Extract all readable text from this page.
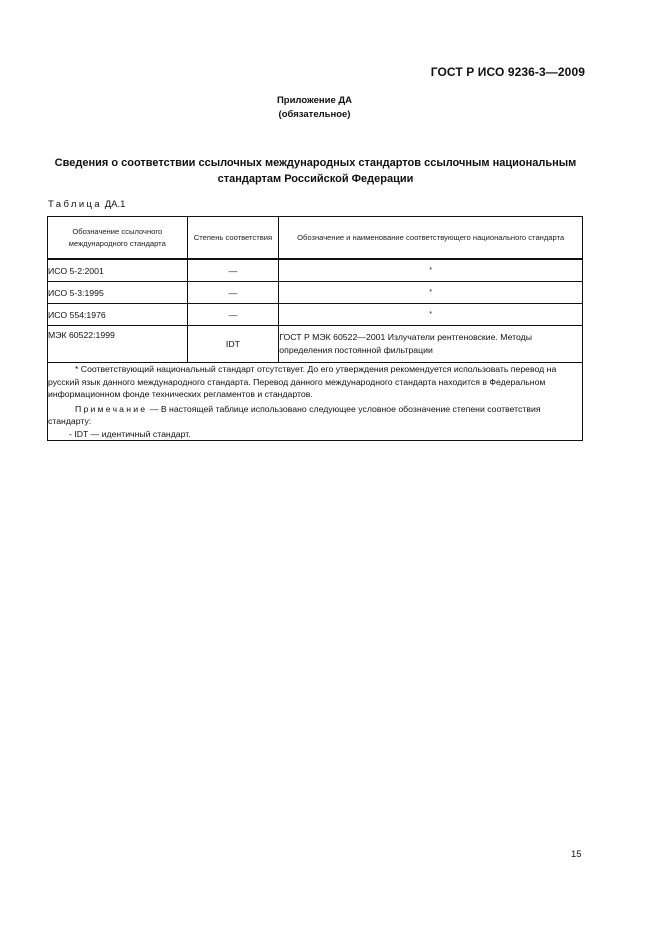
ГОСТ Р ИСО 9236-3—2009
Приложение ДА
(обязательное)
Сведения о соответствии ссылочных международных стандартов ссылочным национальным стандартам Российской Федерации
Таблица ДА.1
Обозначение ссылочного международного стандарта	Степень соответствия	Обозначение и наименование соответствующего национального стандарта
ИСО 5-2:2001	—	*
ИСО 5-3:1995	—	*
ИСО 554:1976	—	*
МЭК 60522:1999	IDT	ГОСТ Р МЭК 60522—2001 Излучатели рентгеновские. Методы определения постоянной фильтрации

* Соответствующий национальный стандарт отсутствует. До его утверждения рекомендуется использовать перевод на русский язык данного международного стандарта. Перевод данного международного стандарта находится в Федеральном информационном фонде технических регламентов и стандартов.

Примечание — В настоящей таблице использовано следующее условное обозначение степени соответствия стандарту:

- IDT — идентичный стандарт.		

15
